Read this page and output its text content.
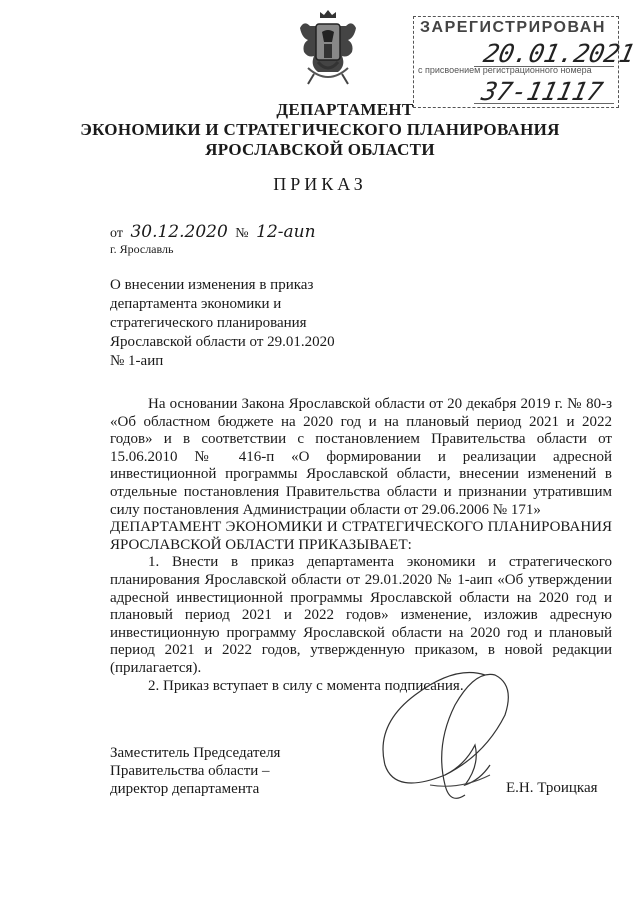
ЗАРЕГИСТРИРОВАН
20.01.2021
с присвоением регистрационного номера
37-11117
ДЕПАРТАМЕНТ
ЭКОНОМИКИ И СТРАТЕГИЧЕСКОГО ПЛАНИРОВАНИЯ
ЯРОСЛАВСКОЙ ОБЛАСТИ
ПРИКАЗ
от 30.12.2020 № 12-аип
г. Ярославль
О внесении изменения в приказ
департамента экономики и
стратегического планирования
Ярославской области от 29.01.2020
№ 1-аип

На основании Закона Ярославской области от 20 декабря 2019 г. № 80-з «Об областном бюджете на 2020 год и на плановый период 2021 и 2022 годов» и в соответствии с постановлением Правительства области от 15.06.2010 № 416-п «О формировании и реализации адресной инвестиционной программы Ярославской области, внесении изменений в отдельные постановления Правительства области и признании утратившим силу постановления Администрации области от 29.06.2006 № 171»

ДЕПАРТАМЕНТ ЭКОНОМИКИ И СТРАТЕГИЧЕСКОГО ПЛАНИРОВАНИЯ ЯРОСЛАВСКОЙ ОБЛАСТИ ПРИКАЗЫВАЕТ:

1. Внести в приказ департамента экономики и стратегического планирования Ярославской области от 29.01.2020 № 1-аип «Об утверждении адресной инвестиционной программы Ярославской области на 2020 год и плановый период 2021 и 2022 годов» изменение, изложив адресную инвестиционную программу Ярославской области на 2020 год и плановый период 2021 и 2022 годов, утвержденную приказом, в новой редакции (прилагается).

2. Приказ вступает в силу с момента подписания.

Заместитель Председателя
Правительства области –
директор департамента	Е.Н. Троицкая
